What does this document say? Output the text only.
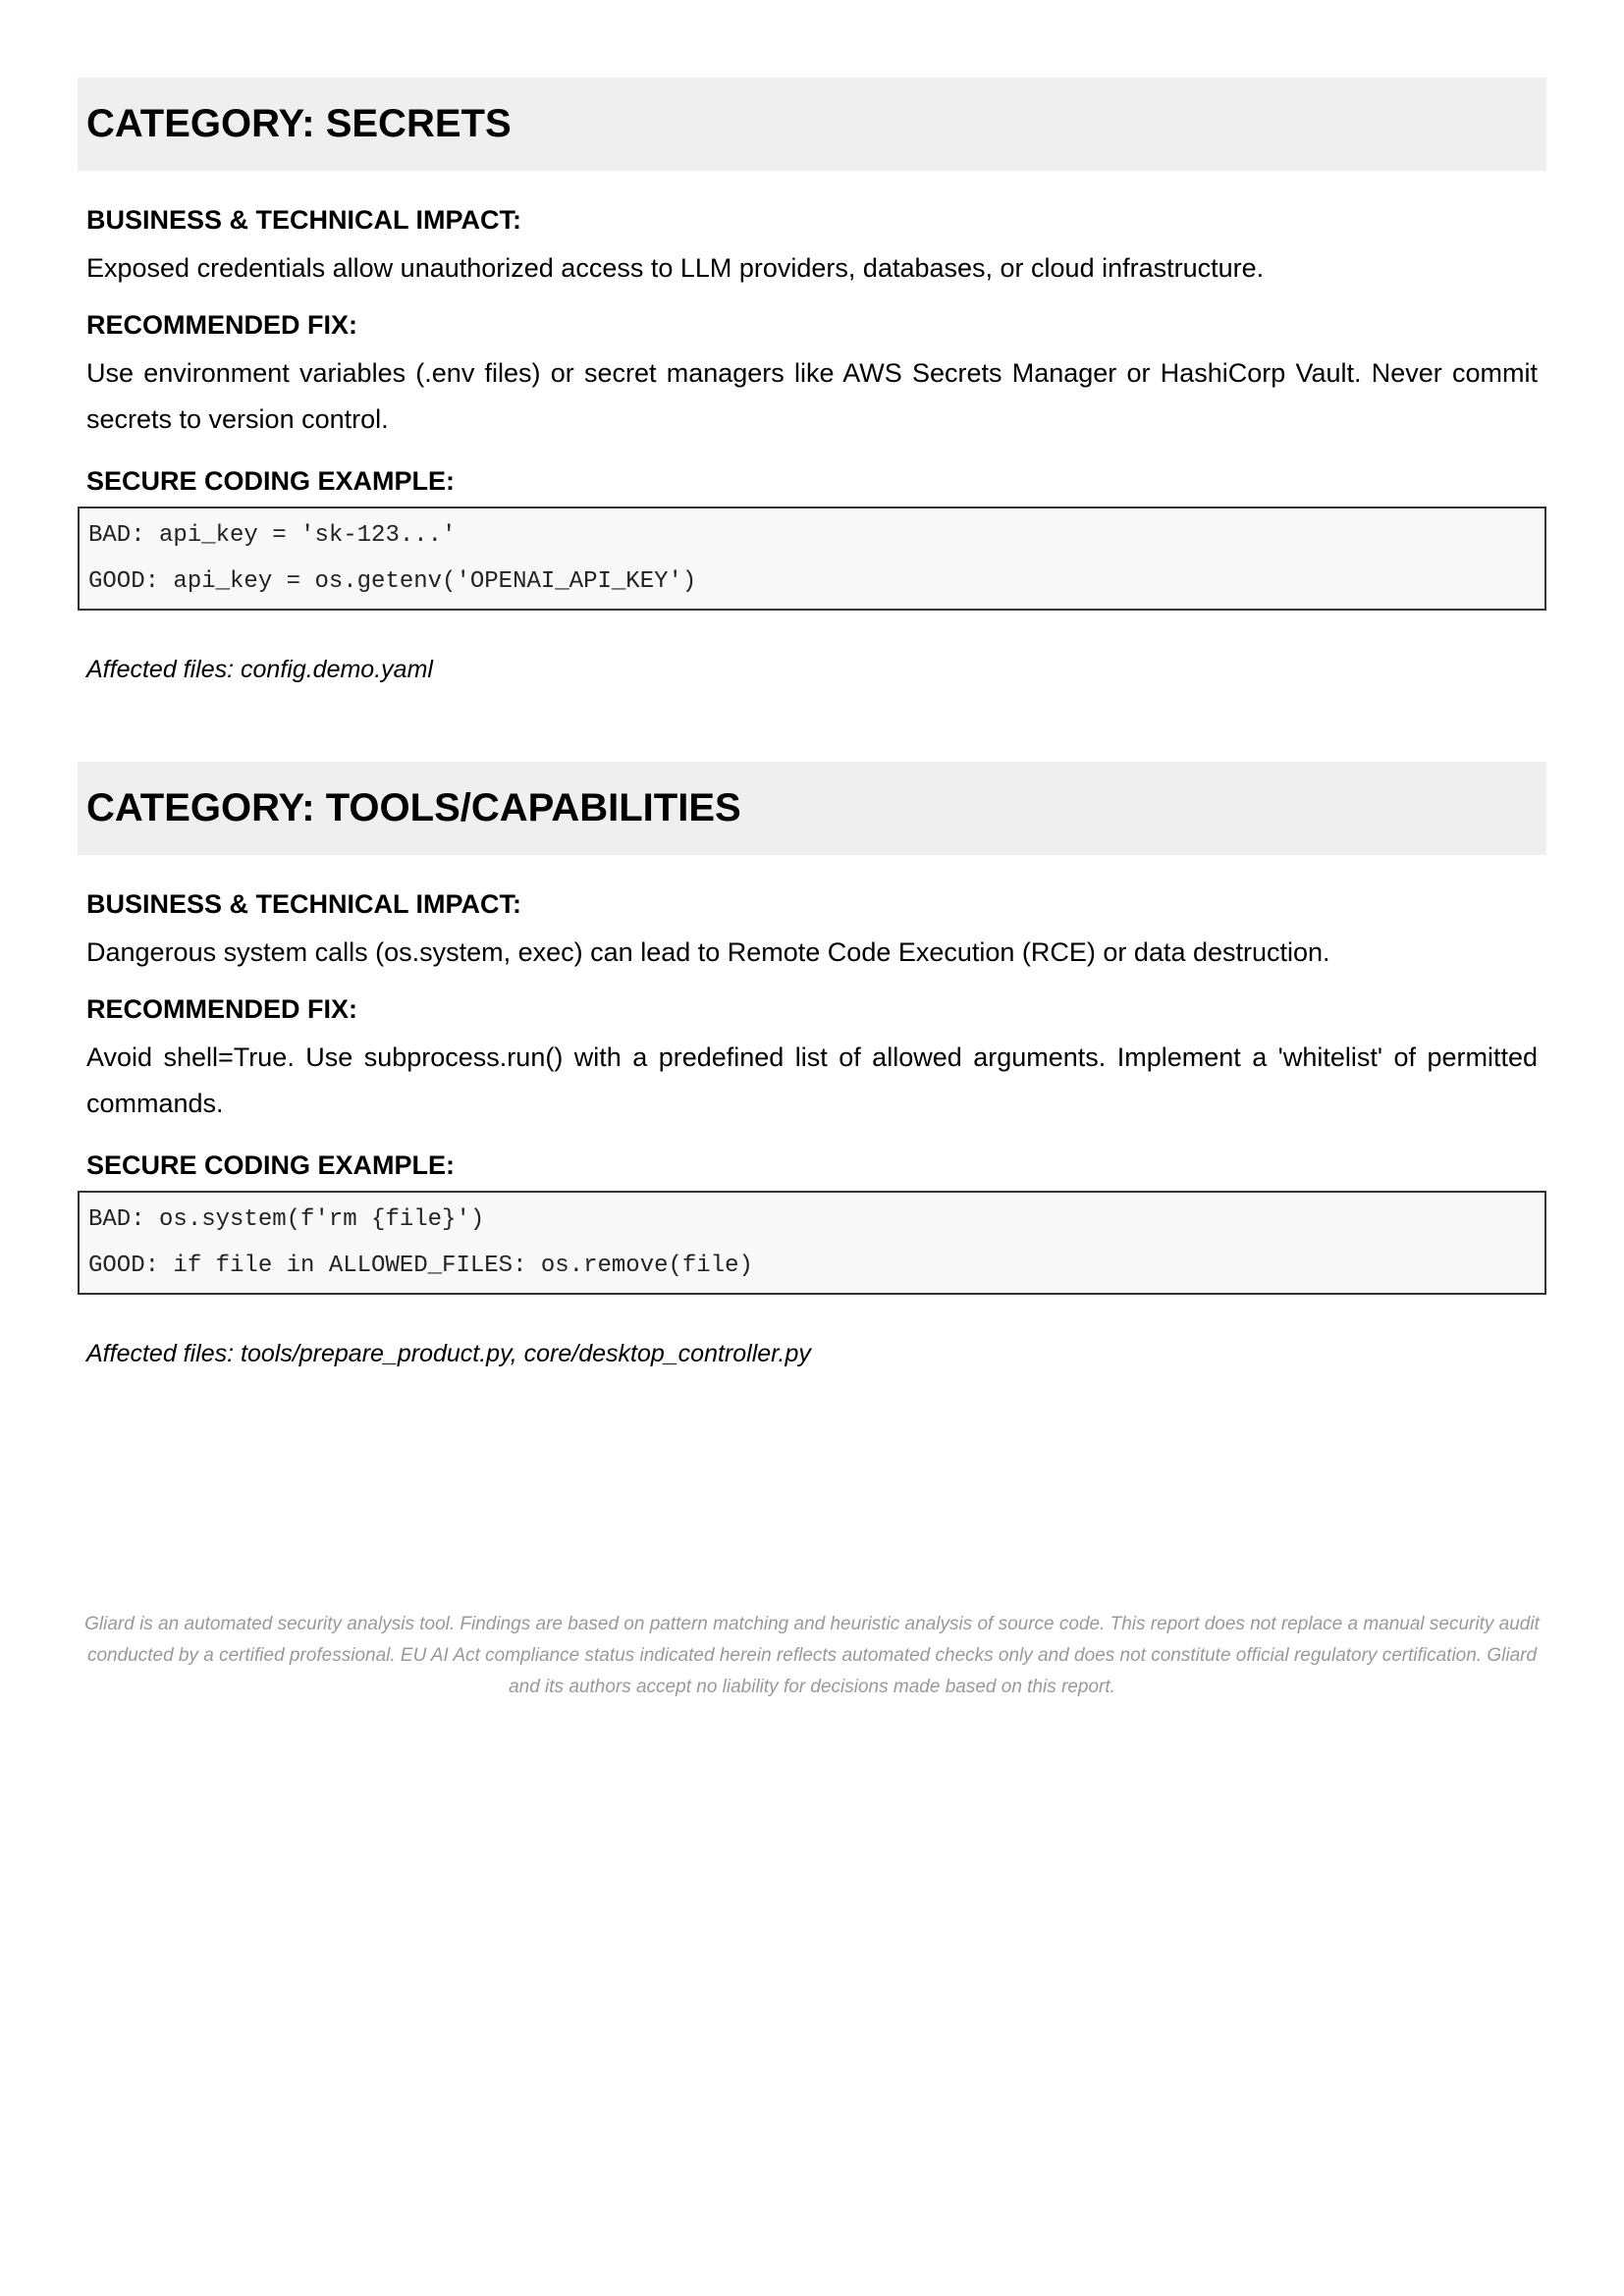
CATEGORY: SECRETS
BUSINESS & TECHNICAL IMPACT:
Exposed credentials allow unauthorized access to LLM providers, databases, or cloud infrastructure.
RECOMMENDED FIX:
Use environment variables (.env files) or secret managers like AWS Secrets Manager or HashiCorp Vault. Never commit secrets to version control.
SECURE CODING EXAMPLE:
BAD: api_key = 'sk-123...'
GOOD: api_key = os.getenv('OPENAI_API_KEY')
Affected files: config.demo.yaml
CATEGORY: TOOLS/CAPABILITIES
BUSINESS & TECHNICAL IMPACT:
Dangerous system calls (os.system, exec) can lead to Remote Code Execution (RCE) or data destruction.
RECOMMENDED FIX:
Avoid shell=True. Use subprocess.run() with a predefined list of allowed arguments. Implement a 'whitelist' of permitted commands.
SECURE CODING EXAMPLE:
BAD: os.system(f'rm {file}')
GOOD: if file in ALLOWED_FILES: os.remove(file)
Affected files: tools/prepare_product.py, core/desktop_controller.py
Gliard is an automated security analysis tool. Findings are based on pattern matching and heuristic analysis of source code. This report does not replace a manual security audit conducted by a certified professional. EU AI Act compliance status indicated herein reflects automated checks only and does not constitute official regulatory certification. Gliard and its authors accept no liability for decisions made based on this report.
